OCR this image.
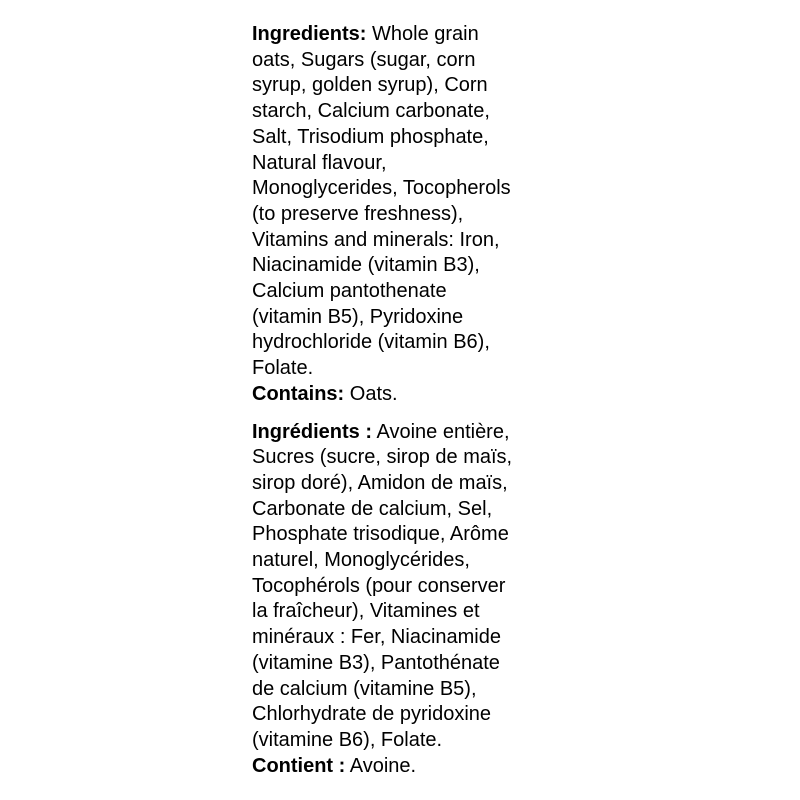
Ingredients: Whole grain
oats, Sugars (sugar, corn
syrup, golden syrup), Corn
starch, Calcium carbonate,
Salt, Trisodium phosphate,
Natural flavour,
Monoglycerides, Tocopherols
(to preserve freshness),
Vitamins and minerals: Iron,
Niacinamide (vitamin B3),
Calcium pantothenate
(vitamin B5), Pyridoxine
hydrochloride (vitamin B6),
Folate.
Contains: Oats.
Ingrédients : Avoine entière,
Sucres (sucre, sirop de maïs,
sirop doré), Amidon de maïs,
Carbonate de calcium, Sel,
Phosphate trisodique, Arôme
naturel, Monoglycérides,
Tocophérols (pour conserver
la fraîcheur), Vitamines et
minéraux : Fer, Niacinamide
(vitamine B3), Pantothénate
de calcium (vitamine B5),
Chlorhydrate de pyridoxine
(vitamine B6), Folate.
Contient : Avoine.
